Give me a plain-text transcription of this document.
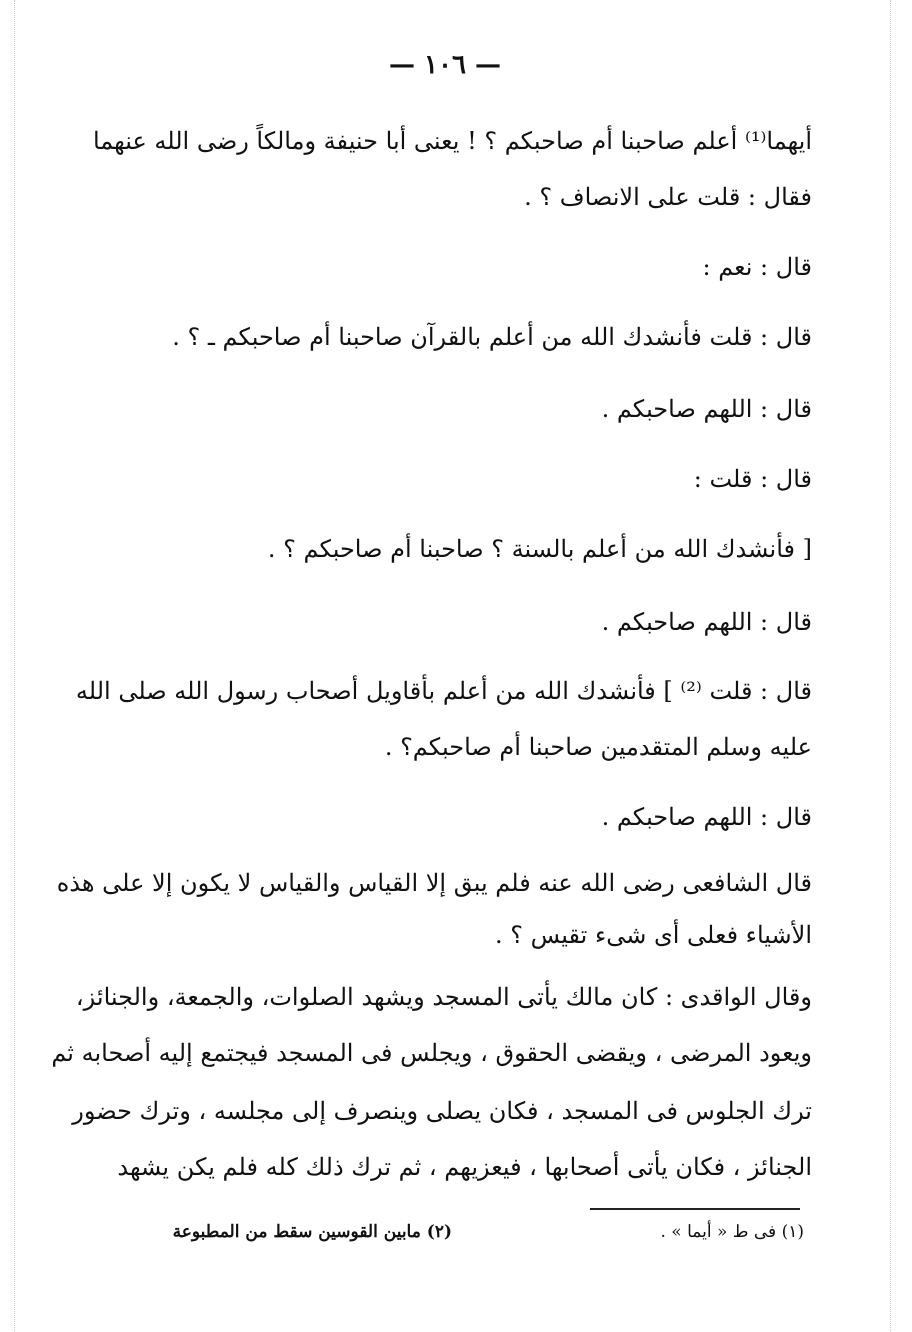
— ١٠٦ —
أيهما⁽¹⁾ أعلم صاحبنا أم صاحبكم ؟ ! يعنى أبا حنيفة ومالكاً رضى الله عنهما
فقال : قلت على الانصاف ؟ .
قال : نعم :
قال : قلت فأنشدك الله من أعلم بالقرآن صاحبنا أم صاحبكم ـ ؟ .
قال : اللهم صاحبكم .
قال : قلت :
[ فأنشدك الله من أعلم بالسنة ؟ صاحبنا أم صاحبكم ؟ .
قال : اللهم صاحبكم .
قال : قلت ⁽²⁾ ] فأنشدك الله من أعلم بأقاويل أصحاب رسول الله صلى الله
عليه وسلم المتقدمين صاحبنا أم صاحبكم؟ .
قال : اللهم صاحبكم .
قال الشافعى رضى الله عنه فلم يبق إلا القياس والقياس لا يكون إلا على هذه
الأشياء فعلى أى شىء تقيس ؟ .
وقال الواقدى : كان مالك يأتى المسجد ويشهد الصلوات، والجمعة، والجنائز،
ويعود المرضى ، ويقضى الحقوق ، ويجلس فى المسجد فيجتمع إليه أصحابه ثم
ترك الجلوس فى المسجد ، فكان يصلى وينصرف إلى مجلسه ، وترك حضور
الجنائز ، فكان يأتى أصحابها ، فيعزيهم ، ثم ترك ذلك كله فلم يكن يشهد
(١) فى ط « أيما » .
(٢) مابين القوسين سقط من المطبوعة
